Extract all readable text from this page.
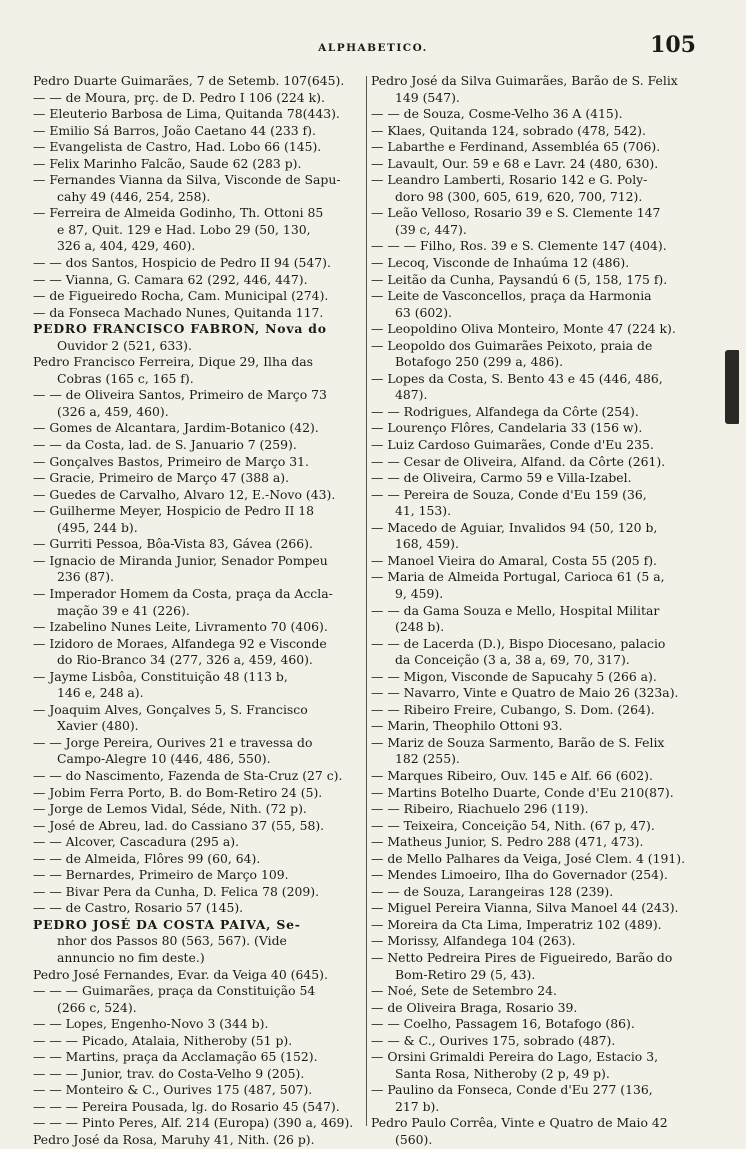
ALPHABETICO.	105
Pedro Duarte Guimarães, 7 de Setemb. 107(645).
— — de Moura, prç. de D. Pedro I 106 (224 k).
— Eleuterio Barbosa de Lima, Quitanda 78(443).
— Emilio Sá Barros, João Caetano 44 (233 f).
— Evangelista de Castro, Had. Lobo 66 (145).
— Felix Marinho Falcão, Saude 62 (283 p).
— Fernandes Vianna da Silva, Visconde de Sapu-
cahy 49 (446, 254, 258).
— Ferreira de Almeida Godinho, Th. Ottoni 85
e 87, Quit. 129 e Had. Lobo 29 (50, 130,
326 a, 404, 429, 460).
— — dos Santos, Hospicio de Pedro II 94 (547).
— — Vianna, G. Camara 62 (292, 446, 447).
— de Figueiredo Rocha, Cam. Municipal (274).
— da Fonseca Machado Nunes, Quitanda 117.
PEDRO FRANCISCO FABRON, Nova do
Ouvidor 2 (521, 633).
Pedro Francisco Ferreira, Dique 29, Ilha das
Cobras (165 c, 165 f).
— — de Oliveira Santos, Primeiro de Março 73
(326 a, 459, 460).
— Gomes de Alcantara, Jardim-Botanico (42).
— — da Costa, lad. de S. Januario 7 (259).
— Gonçalves Bastos, Primeiro de Março 31.
— Gracie, Primeiro de Março 47 (388 a).
— Guedes de Carvalho, Alvaro 12, E.-Novo (43).
— Guilherme Meyer, Hospicio de Pedro II 18
(495, 244 b).
— Gurriti Pessoa, Bôa-Vista 83, Gávea (266).
— Ignacio de Miranda Junior, Senador Pompeu
236 (87).
— Imperador Homem da Costa, praça da Accla-
mação 39 e 41 (226).
— Izabelino Nunes Leite, Livramento 70 (406).
— Izidoro de Moraes, Alfandega 92 e Visconde
do Rio-Branco 34 (277, 326 a, 459, 460).
— Jayme Lisbôa, Constituição 48 (113 b,
146 e, 248 a).
— Joaquim Alves, Gonçalves 5, S. Francisco
Xavier (480).
— — Jorge Pereira, Ourives 21 e travessa do
Campo-Alegre 10 (446, 486, 550).
— — do Nascimento, Fazenda de Sta-Cruz (27 c).
— Jobim Ferra Porto, B. do Bom-Retiro 24 (5).
— Jorge de Lemos Vidal, Séde, Nith. (72 p).
— José de Abreu, lad. do Cassiano 37 (55, 58).
— — Alcover, Cascadura (295 a).
— — de Almeida, Flôres 99 (60, 64).
— — Bernardes, Primeiro de Março 109.
— — Bivar Pera da Cunha, D. Felica 78 (209).
— — de Castro, Rosario 57 (145).
PEDRO JOSÉ DA COSTA PAIVA, Se-
nhor dos Passos 80 (563, 567). (Vide
annuncio no fim deste.)
Pedro José Fernandes, Evar. da Veiga 40 (645).
— — — Guimarães, praça da Constituição 54
(266 c, 524).
— — Lopes, Engenho-Novo 3 (344 b).
— — — Picado, Atalaia, Nitheroby (51 p).
— — Martins, praça da Acclamação 65 (152).
— — — Junior, trav. do Costa-Velho 9 (205).
— — Monteiro & C., Ourives 175 (487, 507).
— — — Pereira Pousada, lg. do Rosario 45 (547).
— — — Pinto Peres, Alf. 214 (Europa) (390 a, 469).
Pedro José da Rosa, Maruhy 41, Nith. (26 p).
Pedro José da Silva Guimarães, Barão de S. Felix
149 (547).
— — de Souza, Cosme-Velho 36 A (415).
— Klaes, Quitanda 124, sobrado (478, 542).
— Labarthe e Ferdinand, Assembléa 65 (706).
— Lavault, Our. 59 e 68 e Lavr. 24 (480, 630).
— Leandro Lamberti, Rosario 142 e G. Poly-
doro 98 (300, 605, 619, 620, 700, 712).
— Leão Velloso, Rosario 39 e S. Clemente 147
(39 c, 447).
— — — Filho, Ros. 39 e S. Clemente 147 (404).
— Lecoq, Visconde de Inhaúma 12 (486).
— Leitão da Cunha, Paysandú 6 (5, 158, 175 f).
— Leite de Vasconcellos, praça da Harmonia
63 (602).
— Leopoldino Oliva Monteiro, Monte 47 (224 k).
— Leopoldo dos Guimarães Peixoto, praia de
Botafogo 250 (299 a, 486).
— Lopes da Costa, S. Bento 43 e 45 (446, 486,
487).
— — Rodrigues, Alfandega da Côrte (254).
— Lourenço Flôres, Candelaria 33 (156 w).
— Luiz Cardoso Guimarães, Conde d'Eu 235.
— — Cesar de Oliveira, Alfand. da Côrte (261).
— — de Oliveira, Carmo 59 e Villa-Izabel.
— — Pereira de Souza, Conde d'Eu 159 (36,
41, 153).
— Macedo de Aguiar, Invalidos 94 (50, 120 b,
168, 459).
— Manoel Vieira do Amaral, Costa 55 (205 f).
— Maria de Almeida Portugal, Carioca 61 (5 a,
9, 459).
— — da Gama Souza e Mello, Hospital Militar
(248 b).
— — de Lacerda (D.), Bispo Diocesano, palacio
da Conceição (3 a, 38 a, 69, 70, 317).
— — Migon, Visconde de Sapucahy 5 (266 a).
— — Navarro, Vinte e Quatro de Maio 26 (323a).
— — Ribeiro Freire, Cubango, S. Dom. (264).
— Marin, Theophilo Ottoni 93.
— Mariz de Souza Sarmento, Barão de S. Felix
182 (255).
— Marques Ribeiro, Ouv. 145 e Alf. 66 (602).
— Martins Botelho Duarte, Conde d'Eu 210(87).
— — Ribeiro, Riachuelo 296 (119).
— — Teixeira, Conceição 54, Nith. (67 p, 47).
— Matheus Junior, S. Pedro 288 (471, 473).
— de Mello Palhares da Veiga, José Clem. 4 (191).
— Mendes Limoeiro, Ilha do Governador (254).
— — de Souza, Larangeiras 128 (239).
— Miguel Pereira Vianna, Silva Manoel 44 (243).
— Moreira da Cta Lima, Imperatriz 102 (489).
— Morissy, Alfandega 104 (263).
— Netto Pedreira Pires de Figueiredo, Barão do
Bom-Retiro 29 (5, 43).
— Noé, Sete de Setembro 24.
— de Oliveira Braga, Rosario 39.
— — Coelho, Passagem 16, Botafogo (86).
— — & C., Ourives 175, sobrado (487).
— Orsini Grimaldi Pereira do Lago, Estacio 3,
Santa Rosa, Nitheroby (2 p, 49 p).
— Paulino da Fonseca, Conde d'Eu 277 (136,
217 b).
Pedro Paulo Corrêa, Vinte e Quatro de Maio 42
(560).
